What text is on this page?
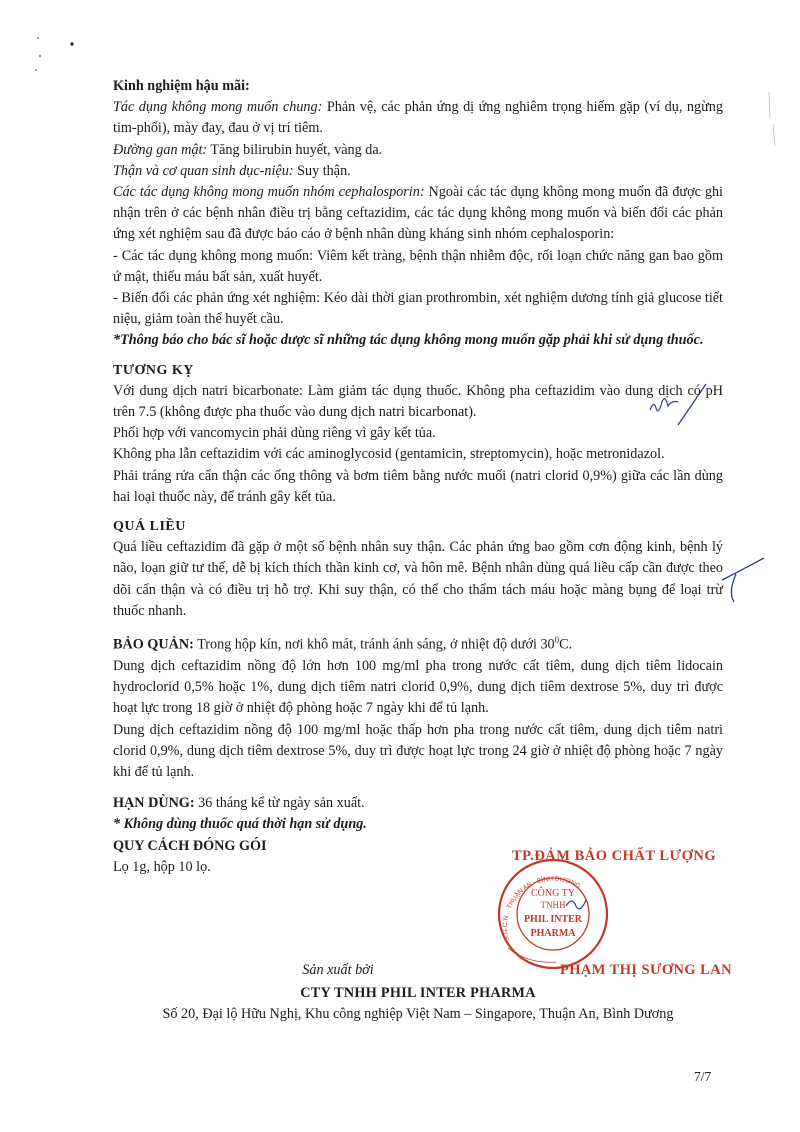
Kinh nghiệm hậu mãi:

Tác dụng không mong muốn chung: Phản vệ, các phản ứng dị ứng nghiêm trọng hiếm gặp (ví dụ, ngừng tim-phổi), mày đay, đau ở vị trí tiêm.

Đường gan mật: Tăng bilirubin huyết, vàng da.

Thận và cơ quan sinh dục-niệu: Suy thận.

Các tác dụng không mong muốn nhóm cephalosporin: Ngoài các tác dụng không mong muốn đã được ghi nhận trên ở các bệnh nhân điều trị bằng ceftazidim, các tác dụng không mong muốn và biến đổi các phản ứng xét nghiệm sau đã được báo cáo ở bệnh nhân dùng kháng sinh nhóm cephalosporin:

- Các tác dụng không mong muốn: Viêm kết tràng, bệnh thận nhiễm độc, rối loạn chức năng gan bao gồm ứ mật, thiếu máu bất sản, xuất huyết.

- Biến đổi các phản ứng xét nghiệm: Kéo dài thời gian prothrombin, xét nghiệm dương tính giả glucose tiết niệu, giảm toàn thể huyết cầu.

*Thông báo cho bác sĩ hoặc dược sĩ những tác dụng không mong muốn gặp phải khi sử dụng thuốc.

TƯƠNG KỴ

Với dung dịch natri bicarbonate: Làm giảm tác dụng thuốc. Không pha ceftazidim vào dung dịch có pH trên 7.5 (không được pha thuốc vào dung dịch natri bicarbonat).

Phối hợp với vancomycin phải dùng riêng vì gây kết tủa.

Không pha lẫn ceftazidim với các aminoglycosid (gentamicin, streptomycin), hoặc metronidazol.

Phải tráng rửa cẩn thận các ống thông và bơm tiêm bằng nước muối (natri clorid 0,9%) giữa các lần dùng hai loại thuốc này, để tránh gây kết tủa.

QUÁ LIỀU

Quá liều ceftazidim đã gặp ở một số bệnh nhân suy thận. Các phản ứng bao gồm cơn động kinh, bệnh lý não, loạn giữ tư thế, dễ bị kích thích thần kinh cơ, và hôn mê. Bệnh nhân dùng quá liều cấp cần được theo dõi cẩn thận và có điều trị hỗ trợ. Khi suy thận, có thể cho thẩm tách máu hoặc màng bụng để loại trừ thuốc nhanh.

BẢO QUẢN: Trong hộp kín, nơi khô mát, tránh ánh sáng, ở nhiệt độ dưới $30^0C$.

Dung dịch ceftazidim nồng độ lớn hơn 100 mg/ml pha trong nước cất tiêm, dung dịch tiêm lidocain hydroclorid 0,5% hoặc 1%, dung dịch tiêm natri clorid 0,9%, dung dịch tiêm dextrose 5%, duy trì được hoạt lực trong 18 giờ ở nhiệt độ phòng hoặc 7 ngày khi để tủ lạnh.

Dung dịch ceftazidim nồng độ 100 mg/ml hoặc thấp hơn pha trong nước cất tiêm, dung dịch tiêm natri clorid 0,9%, dung dịch tiêm dextrose 5%, duy trì được hoạt lực trong 24 giờ ở nhiệt độ phòng hoặc 7 ngày khi để tủ lạnh.

HẠN DÙNG: 36 tháng kể từ ngày sản xuất.

* Không dùng thuốc quá thời hạn sử dụng.

QUY CÁCH ĐÓNG GÓI

Lọ 1g, hộp 10 lọ.

CÔNG TY
TNHH
PHIL INTER
PHARMA
S.G.C.N... THUẬN AN - BÌNH DƯƠNG
TP.ĐẢM BẢO CHẤT LƯỢNG
PHẠM THỊ SƯƠNG LAN
Sản xuất bởi
CTY TNHH PHIL INTER PHARMA
Số 20, Đại lộ Hữu Nghị, Khu công nghiệp Việt Nam – Singapore, Thuận An, Bình Dương
7/7
